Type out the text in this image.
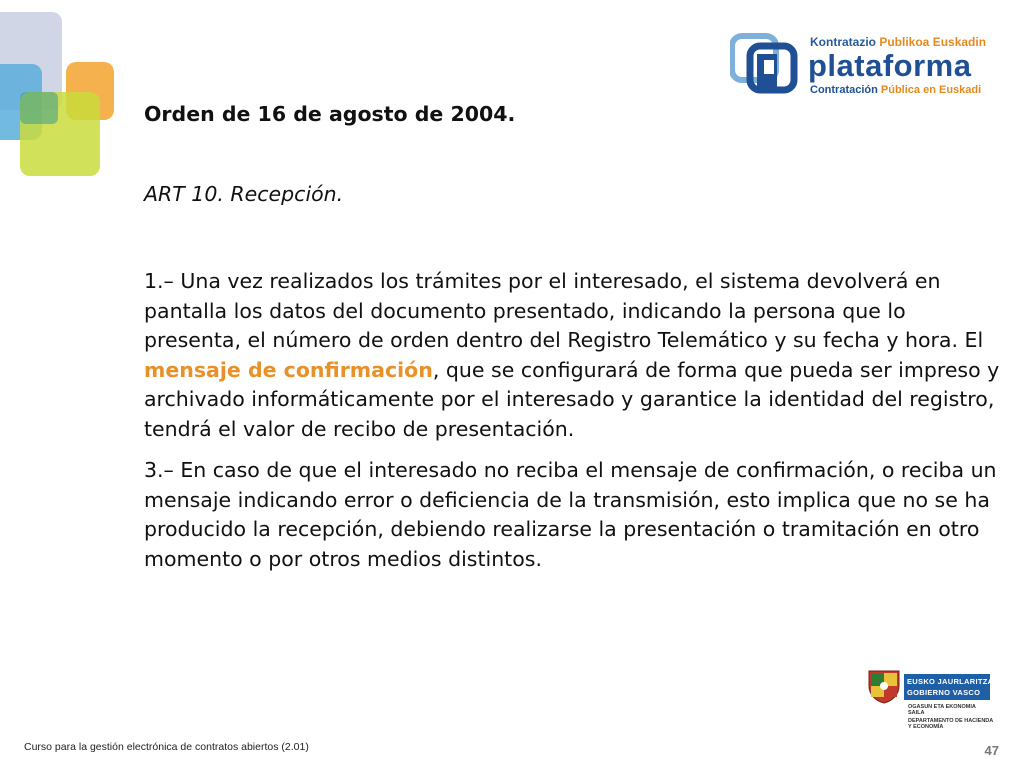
Kontratazio Publikoa Euskadin
plataforma
Contratación Pública en Euskadi

Orden de 16 de agosto de 2004.

ART 10. Recepción.

1.– Una vez realizados los trámites por el interesado, el sistema devolverá en pantalla los datos del documento presentado, indicando la persona que lo presenta, el número de orden dentro del Registro Telemático y su fecha y hora. El mensaje de confirmación, que se configurará de forma que pueda ser impreso y archivado informáticamente por el interesado y garantice la identidad del registro, tendrá el valor de recibo de presentación.

3.– En caso de que el interesado no reciba el mensaje de confirmación, o reciba un mensaje indicando error o deficiencia de la transmisión, esto implica que no se ha producido la recepción, debiendo realizarse la presentación o tramitación en otro momento o por otros medios distintos.

EUSKO JAURLARITZA
GOBIERNO VASCO
OGASUN ETA EKONOMIA
SAILA
DEPARTAMENTO DE HACIENDA
Y ECONOMÍA
Curso para la gestión electrónica de contratos abiertos (2.01)	47
